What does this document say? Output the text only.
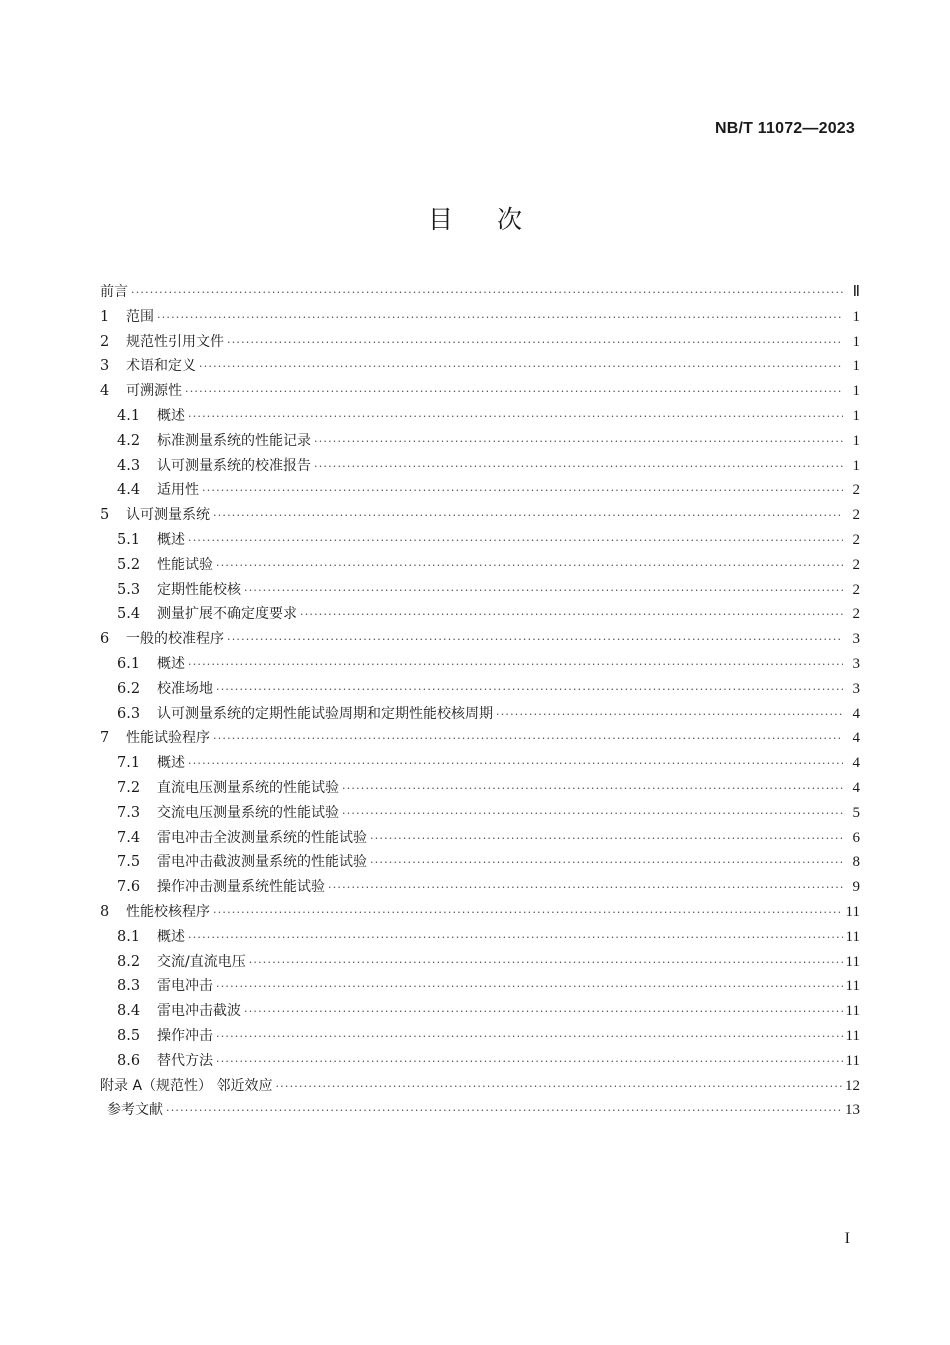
NB/T 11072—2023
目次
前言 ·····	Ⅱ
1	范围 ·····	1
2	规范性引用文件 ·····	1
3	术语和定义 ·····	1
4	可溯源性 ·····	1
4.1	概述 ·····	1
4.2	标准测量系统的性能记录 ·····	1
4.3	认可测量系统的校准报告 ·····	1
4.4	适用性 ·····	2
5	认可测量系统 ·····	2
5.1	概述 ·····	2
5.2	性能试验 ·····	2
5.3	定期性能校核 ·····	2
5.4	测量扩展不确定度要求 ·····	2
6	一般的校准程序 ·····	3
6.1	概述 ·····	3
6.2	校准场地 ·····	3
6.3	认可测量系统的定期性能试验周期和定期性能校核周期 ·····	4
7	性能试验程序 ·····	4
7.1	概述 ·····	4
7.2	直流电压测量系统的性能试验 ·····	4
7.3	交流电压测量系统的性能试验 ·····	5
7.4	雷电冲击全波测量系统的性能试验 ·····	6
7.5	雷电冲击截波测量系统的性能试验 ·····	8
7.6	操作冲击测量系统性能试验 ·····	9
8	性能校核程序 ·····	11
8.1	概述 ·····	11
8.2	交流/直流电压 ·····	11
8.3	雷电冲击 ·····	11
8.4	雷电冲击截波 ·····	11
8.5	操作冲击 ·····	11
8.6	替代方法 ·····	11
附录 A（规范性） 邻近效应 ·····	12
参考文献 ·····	13
I
